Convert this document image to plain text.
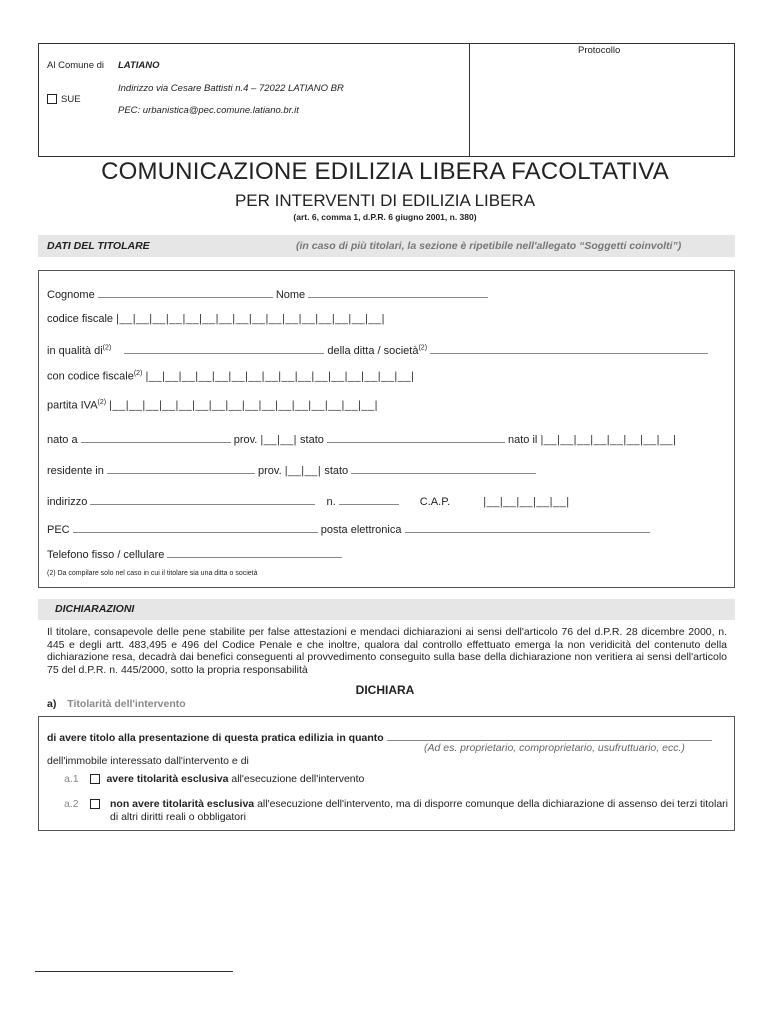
Al Comune di LATIANO
Indirizzo via Cesare Battisti n.4 – 72022 LATIANO BR
PEC: urbanistica@pec.comune.latiano.br.it
SUE
Protocollo
COMUNICAZIONE EDILIZIA LIBERA FACOLTATIVA
PER INTERVENTI DI EDILIZIA LIBERA
(art. 6, comma 1, d.P.R. 6 giugno 2001, n. 380)
DATI DEL TITOLARE	(in caso di più titolari, la sezione è ripetibile nell'allegato “Soggetti coinvolti”)
Cognome	Nome
codice fiscale |__|__|__|__|__|__|__|__|__|__|__|__|__|__|__|__|
in qualità $di^{(2)}$	della ditta / società$^{(2)}$
con codice fiscale$^{(2)}$ |__|__|__|__|__|__|__|__|__|__|__|__|__|__|__|__|
partita IVA$^{(2)}$ |__|__|__|__|__|__|__|__|__|__|__|__|__|__|__|__|
nato a	prov. |__|__| stato	nato il |__|__|__|__|__|__|__|__|
residente in	prov. |__|__| stato
indirizzo	n.	C.A.P.	|__|__|__|__|__|
PEC	posta elettronica
Telefono fisso / cellulare
(2) Da compilare solo nel caso in cui il titolare sia una ditta o società
DICHIARAZIONI
Il titolare, consapevole delle pene stabilite per false attestazioni e mendaci dichiarazioni ai sensi dell'articolo 76 del d.P.R. 28 dicembre 2000, n. 445 e degli artt. 483,495 e 496 del Codice Penale e che inoltre, qualora dal controllo effettuato emerga la non veridicità del contenuto della dichiarazione resa, decadrà dai benefici conseguenti al provvedimento conseguito sulla base della dichiarazione non veritiera ai sensi dell'articolo 75 del d.P.R. n. 445/2000, sotto la propria responsabilità
DICHIARA
a) Titolarità dell'intervento
di avere titolo alla presentazione di questa pratica edilizia in quanto
(Ad es. proprietario, comproprietario, usufruttuario, ecc.)
dell'immobile interessato dall'intervento e di
a.1	avere titolarità esclusiva all'esecuzione dell'intervento
a.2	non avere titolarità esclusiva all'esecuzione dell'intervento, ma di disporre comunque della dichiarazione di assenso dei terzi titolari di altri diritti reali o obbligatori
